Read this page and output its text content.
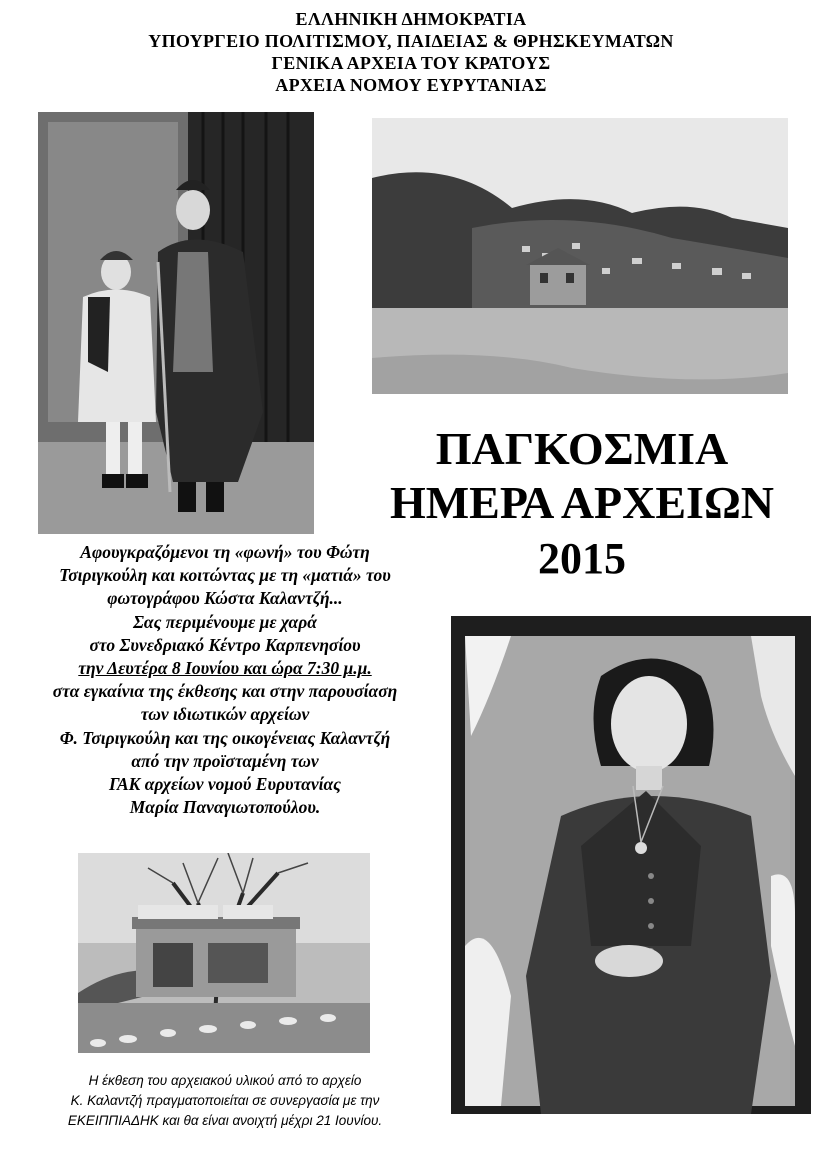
ΕΛΛΗΝΙΚΗ ΔΗΜΟΚΡΑΤΙΑ
ΥΠΟΥΡΓΕΙΟ ΠΟΛΙΤΙΣΜΟΥ, ΠΑΙΔΕΙΑΣ & ΘΡΗΣΚΕΥΜΑΤΩΝ
ΓΕΝΙΚΑ ΑΡΧΕΙΑ ΤΟΥ ΚΡΑΤΟΥΣ
ΑΡΧΕΙΑ ΝΟΜΟΥ ΕΥΡΥΤΑΝΙΑΣ
ΠΑΓΚΟΣΜΙΑ
ΗΜΕΡΑ ΑΡΧΕΙΩΝ
2015
Αφουγκραζόμενοι τη «φωνή» του Φώτη
Τσιριγκούλη και κοιτώντας με τη «ματιά» του
φωτογράφου Κώστα Καλαντζή...
Σας περιμένουμε με χαρά
στο Συνεδριακό Κέντρο Καρπενησίου
την Δευτέρα 8 Ιουνίου και ώρα 7:30 μ.μ.
στα εγκαίνια της έκθεσης και στην παρουσίαση
των ιδιωτικών αρχείων
Φ. Τσιριγκούλη και της οικογένειας Καλαντζή
από την προϊσταμένη των
ΓΑΚ αρχείων νομού Ευρυτανίας
Μαρία Παναγιωτοπούλου.
Η έκθεση του αρχειακού υλικού από το αρχείο
Κ. Καλαντζή πραγματοποιείται σε συνεργασία με την
ΕΚΕΙΠΠΙΑΔΗΚ και θα είναι ανοιχτή μέχρι 21 Ιουνίου.
